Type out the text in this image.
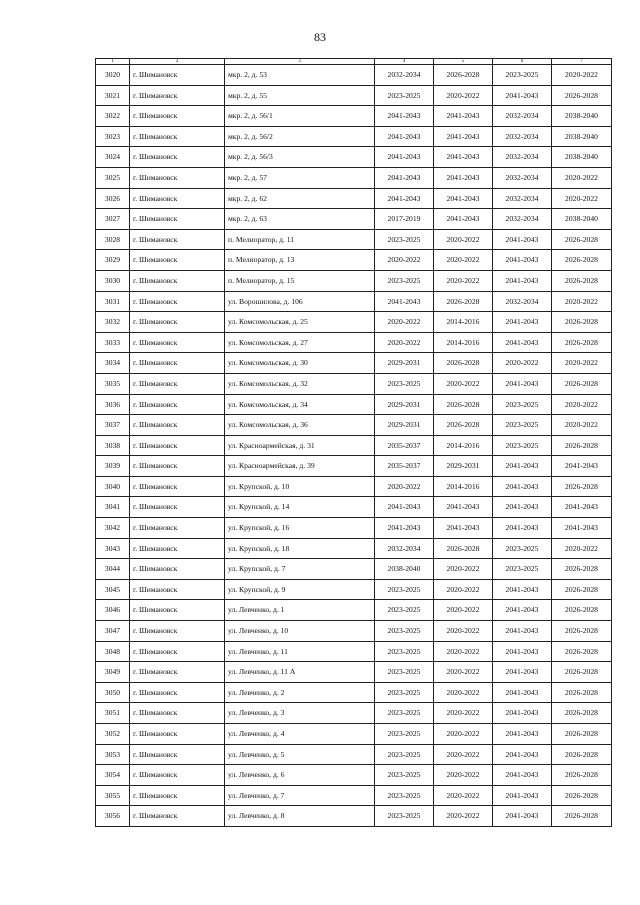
83
1	2	3	4	5	6	7
3020	г. Шимановск	мкр. 2, д. 53	2032-2034	2026-2028	2023-2025	2020-2022
3021	г. Шимановск	мкр. 2, д. 55	2023-2025	2020-2022	2041-2043	2026-2028
3022	г. Шимановск	мкр. 2, д. 56/1	2041-2043	2041-2043	2032-2034	2038-2040
3023	г. Шимановск	мкр. 2, д. 56/2	2041-2043	2041-2043	2032-2034	2038-2040
3024	г. Шимановск	мкр. 2, д. 56/3	2041-2043	2041-2043	2032-2034	2038-2040
3025	г. Шимановск	мкр. 2, д. 57	2041-2043	2041-2043	2032-2034	2020-2022
3026	г. Шимановск	мкр. 2, д. 62	2041-2043	2041-2043	2032-2034	2020-2022
3027	г. Шимановск	мкр. 2, д. 63	2017-2019	2041-2043	2032-2034	2038-2040
3028	г. Шимановск	п. Мелиоратор, д. 11	2023-2025	2020-2022	2041-2043	2026-2028
3029	г. Шимановск	п. Мелиоратор, д. 13	2020-2022	2020-2022	2041-2043	2026-2028
3030	г. Шимановск	п. Мелиоратор, д. 15	2023-2025	2020-2022	2041-2043	2026-2028
3031	г. Шимановск	ул. Ворошилова, д. 106	2041-2043	2026-2028	2032-2034	2020-2022
3032	г. Шимановск	ул. Комсомольская, д. 25	2020-2022	2014-2016	2041-2043	2026-2028
3033	г. Шимановск	ул. Комсомольская, д. 27	2020-2022	2014-2016	2041-2043	2026-2028
3034	г. Шимановск	ул. Комсомольская, д. 30	2029-2031	2026-2028	2020-2022	2020-2022
3035	г. Шимановск	ул. Комсомольская, д. 32	2023-2025	2020-2022	2041-2043	2026-2028
3036	г. Шимановск	ул. Комсомольская, д. 34	2029-2031	2026-2028	2023-2025	2020-2022
3037	г. Шимановск	ул. Комсомольская, д. 36	2029-2031	2026-2028	2023-2025	2020-2022
3038	г. Шимановск	ул. Красноармейская, д. 31	2035-2037	2014-2016	2023-2025	2026-2028
3039	г. Шимановск	ул. Красноармейская, д. 39	2035-2037	2029-2031	2041-2043	2041-2043
3040	г. Шимановск	ул. Крупской, д. 10	2020-2022	2014-2016	2041-2043	2026-2028
3041	г. Шимановск	ул. Крупской, д. 14	2041-2043	2041-2043	2041-2043	2041-2043
3042	г. Шимановск	ул. Крупской, д. 16	2041-2043	2041-2043	2041-2043	2041-2043
3043	г. Шимановск	ул. Крупской, д. 18	2032-2034	2026-2028	2023-2025	2020-2022
3044	г. Шимановск	ул. Крупской, д. 7	2038-2040	2020-2022	2023-2025	2026-2028
3045	г. Шимановск	ул. Крупской, д. 9	2023-2025	2020-2022	2041-2043	2026-2028
3046	г. Шимановск	ул. Левченко, д. 1	2023-2025	2020-2022	2041-2043	2026-2028
3047	г. Шимановск	ул. Левченко, д. 10	2023-2025	2020-2022	2041-2043	2026-2028
3048	г. Шимановск	ул. Левченко, д. 11	2023-2025	2020-2022	2041-2043	2026-2028
3049	г. Шимановск	ул. Левченко, д. 11 А	2023-2025	2020-2022	2041-2043	2026-2028
3050	г. Шимановск	ул. Левченко, д. 2	2023-2025	2020-2022	2041-2043	2026-2028
3051	г. Шимановск	ул. Левченко, д. 3	2023-2025	2020-2022	2041-2043	2026-2028
3052	г. Шимановск	ул. Левченко, д. 4	2023-2025	2020-2022	2041-2043	2026-2028
3053	г. Шимановск	ул. Левченко, д. 5	2023-2025	2020-2022	2041-2043	2026-2028
3054	г. Шимановск	ул. Левченко, д. 6	2023-2025	2020-2022	2041-2043	2026-2028
3055	г. Шимановск	ул. Левченко, д. 7	2023-2025	2020-2022	2041-2043	2026-2028
3056	г. Шимановск	ул. Левченко, д. 8	2023-2025	2020-2022	2041-2043	2026-2028
